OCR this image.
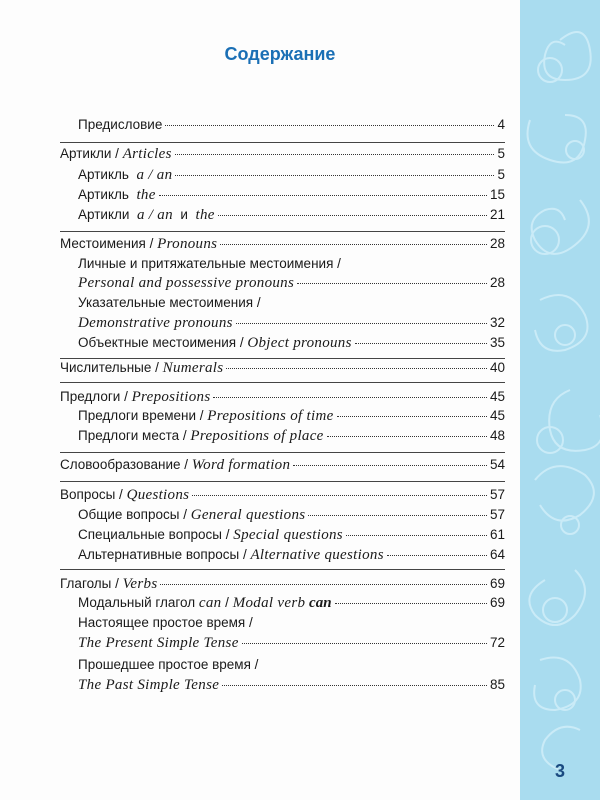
3
Содержание
Предисловие	4
Артикли / Articles	5
Артикль a / an	5
Артикль the	15
Артикли a / an и the	21
Местоимения / Pronouns	28
Личные и притяжательные местоимения /
Personal and possessive pronouns	28
Указательные местоимения /
Demonstrative pronouns	32
Объектные местоимения / Object pronouns	35
Числительные / Numerals	40
Предлоги / Prepositions	45
Предлоги времени / Prepositions of time	45
Предлоги места / Prepositions of place	48
Словообразование / Word formation	54
Вопросы / Questions	57
Общие вопросы / General questions	57
Специальные вопросы / Special questions	61
Альтернативные вопросы / Alternative questions	64
Глаголы / Verbs	69
Модальный глагол can / Modal verb can	69
Настоящее простое время /
The Present Simple Tense	72
Прошедшее простое время /
The Past Simple Tense	85
